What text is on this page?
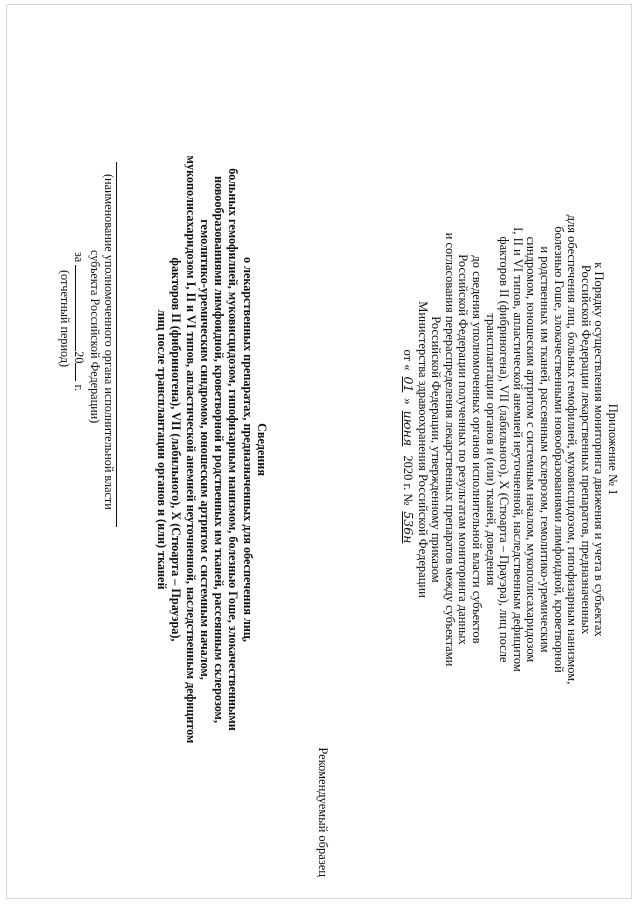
Приложение № 1
к Порядку осуществления мониторинга движения и учета в субъектах
Российской Федерации лекарственных препаратов, предназначенных
для обеспечения лиц, больных гемофилией, муковисцидозом, гипофизарным нанизмом,
болезнью Гоше, злокачественными новообразованиями лимфоидной, кроветворной
и родственных им тканей, рассеянным склерозом, гемолитико-уремическим
синдромом, юношеским артритом с системным началом, мукополисахаридозом
I, II и VI типов, апластической анемией неуточненной, наследственным дефицитом
факторов II (фибриногена), VII (лабильного), X (Стюарта – Прауэра), лиц после
трансплантации органов и (или) тканей, доведения
до сведения уполномоченных органов исполнительной власти субъектов
Российской Федерации полученных по результатам мониторинга данных
и согласования перераспределения лекарственных препаратов между субъектами
Российской Федерации, утвержденному приказом
Министерства здравоохранения Российской Федерации
от «01»июня 2020 г. №536н
Рекомендуемый образец
Сведения
о лекарственных препаратах, предназначенных для обеспечения лиц,
больных гемофилией, муковисцидозом, гипофизарным нанизмом, болезнью Гоше, злокачественными
новообразованиями лимфоидной, кроветворной и родственных им тканей, рассеянным склерозом,
гемолитико-уремическим синдромом, юношеским артритом с системным началом,
мукополисахаридозом I, II и VI типов, апластической анемией неуточненной, наследственным дефицитом
факторов II (фибриногена), VII (лабильного), X (Стюарта – Прауэра),
лиц после трансплантации органов и (или) тканей
(наименование уполномоченного органа исполнительной власти
субъекта Российской Федерации)
за 20 г.
(отчетный период)
